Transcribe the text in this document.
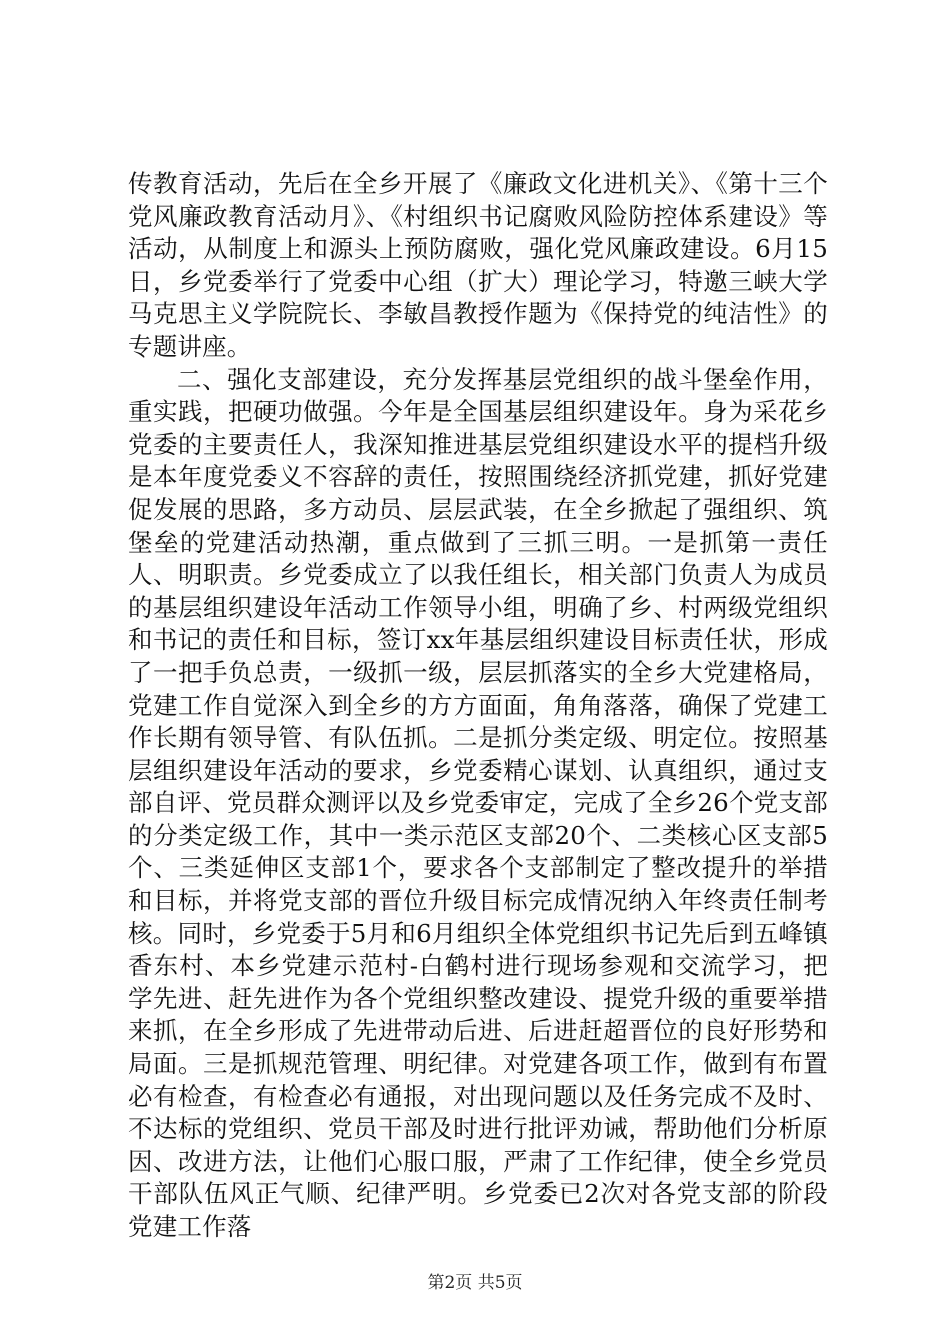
传教育活动，先后在全乡开展了《廉政文化进机关》、《第十三个党风廉政教育活动月》、《村组织书记腐败风险防控体系建设》等活动，从制度上和源头上预防腐败，强化党风廉政建设。6月15日，乡党委举行了党委中心组（扩大）理论学习，特邀三峡大学马克思主义学院院长、李敏昌教授作题为《保持党的纯洁性》的专题讲座。

二、强化支部建设，充分发挥基层党组织的战斗堡垒作用，重实践，把硬功做强。今年是全国基层组织建设年。身为采花乡党委的主要责任人，我深知推进基层党组织建设水平的提档升级是本年度党委义不容辞的责任，按照围绕经济抓党建，抓好党建促发展的思路，多方动员、层层武装，在全乡掀起了强组织、筑堡垒的党建活动热潮，重点做到了三抓三明。一是抓第一责任人、明职责。乡党委成立了以我任组长，相关部门负责人为成员的基层组织建设年活动工作领导小组，明确了乡、村两级党组织和书记的责任和目标，签订xx年基层组织建设目标责任状，形成了一把手负总责，一级抓一级，层层抓落实的全乡大党建格局，党建工作自觉深入到全乡的方方面面，角角落落，确保了党建工作长期有领导管、有队伍抓。二是抓分类定级、明定位。按照基层组织建设年活动的要求，乡党委精心谋划、认真组织，通过支部自评、党员群众测评以及乡党委审定，完成了全乡26个党支部的分类定级工作，其中一类示范区支部20个、二类核心区支部5个、三类延伸区支部1个，要求各个支部制定了整改提升的举措和目标，并将党支部的晋位升级目标完成情况纳入年终责任制考核。同时，乡党委于5月和6月组织全体党组织书记先后到五峰镇香东村、本乡党建示范村-白鹤村进行现场参观和交流学习，把学先进、赶先进作为各个党组织整改建设、提党升级的重要举措来抓，在全乡形成了先进带动后进、后进赶超晋位的良好形势和局面。三是抓规范管理、明纪律。对党建各项工作，做到有布置必有检查，有检查必有通报，对出现问题以及任务完成不及时、不达标的党组织、党员干部及时进行批评劝诫，帮助他们分析原因、改进方法，让他们心服口服，严肃了工作纪律，使全乡党员干部队伍风正气顺、纪律严明。乡党委已2次对各党支部的阶段党建工作落

第2页 共5页
